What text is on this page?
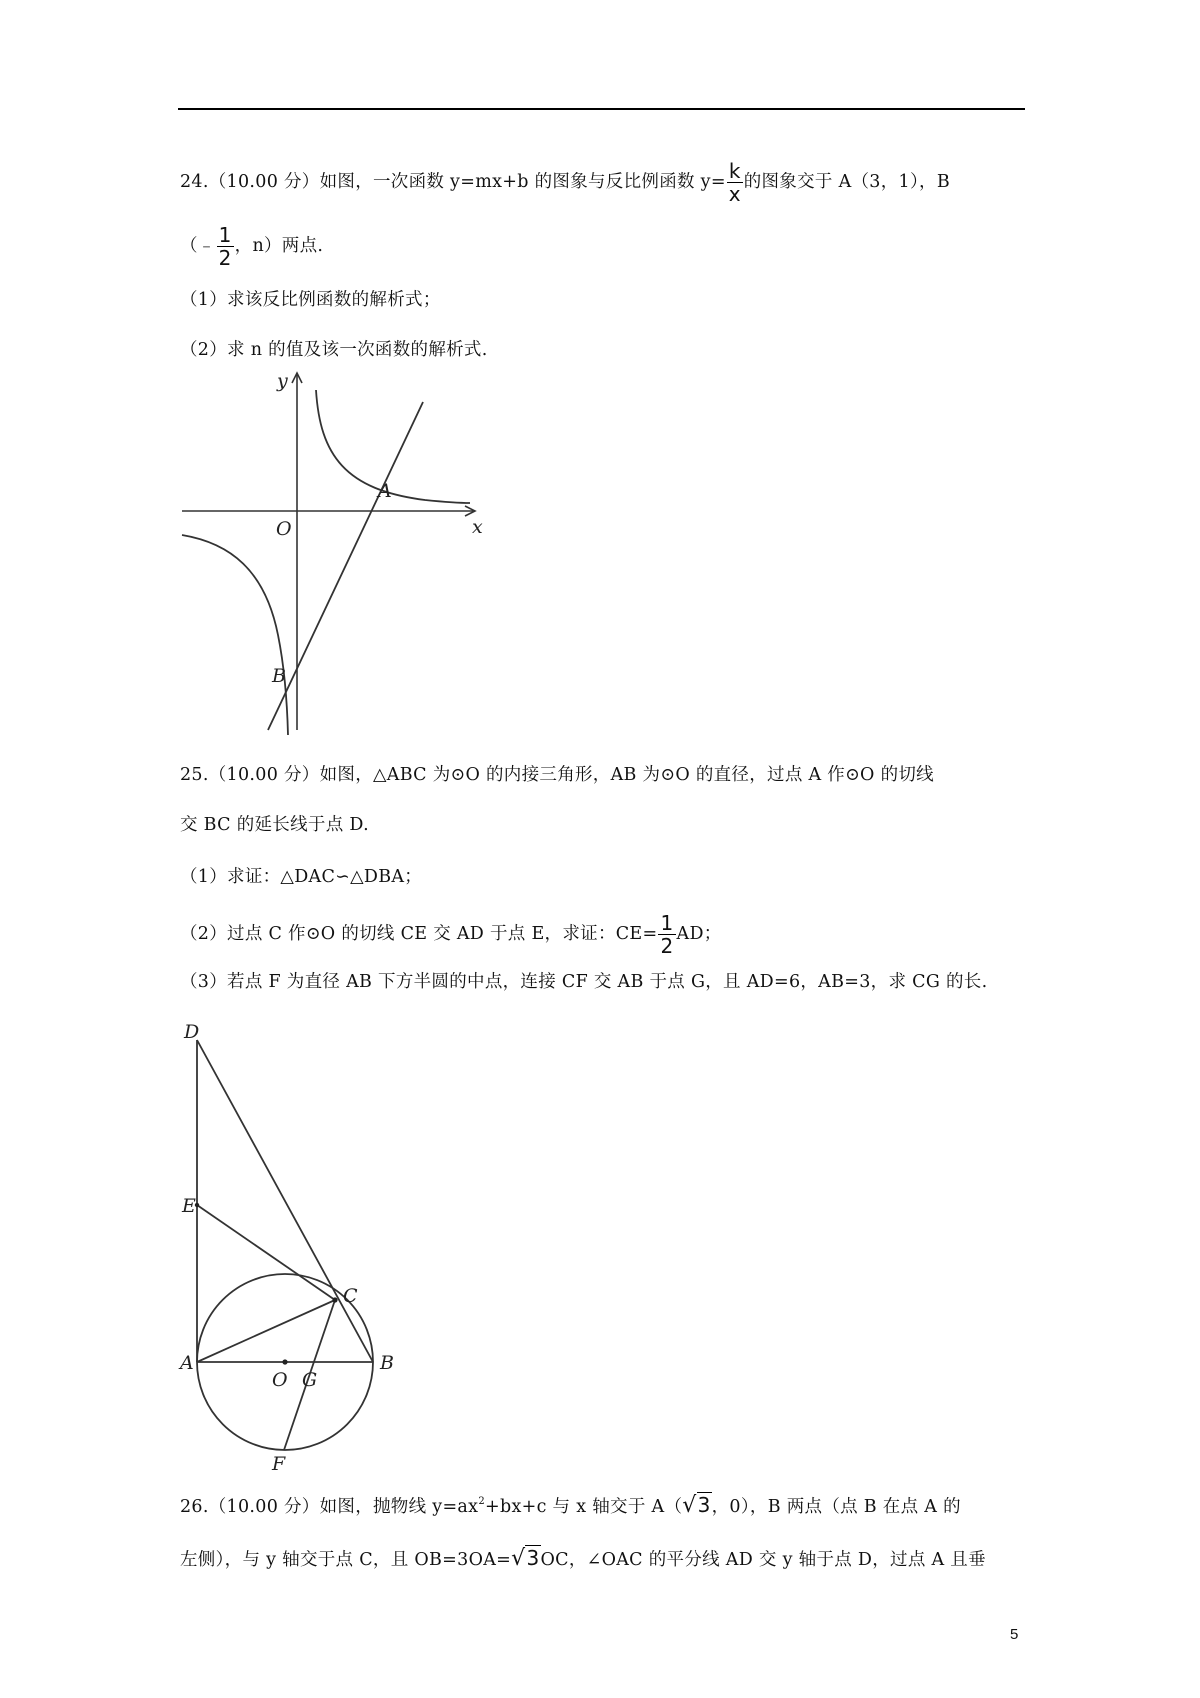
24.（10.00 分）如图，一次函数 y=mx+b 的图象与反比例函数 $y= \frac{k}{x}$ 的图象交于 A（3，1），B
（﹣ $\frac{1}{2}$ ，n）两点.
（1）求该反比例函数的解析式；
（2）求 n 的值及该一次函数的解析式.
y
x
O
A
B
25.（10.00 分）如图，△ABC 为⊙O 的内接三角形，AB 为⊙O 的直径，过点 A 作⊙O 的切线
交 BC 的延长线于点 D.
（1）求证：△DAC∽△DBA；
（2）过点 C 作⊙O 的切线 CE 交 AD 于点 E，求证：$CE= \frac{1}{2}$ AD；
（3）若点 F 为直径 AB 下方半圆的中点，连接 CF 交 AB 于点 G，且 AD=6，AB=3，求 CG 的长.
D
E
C
A
O G
B
F
26.（10.00 分）如图，抛物线 $y=ax^2+bx+c$ 与 x 轴交于 A（√3，0），B 两点（点 B 在点 A 的
左侧），与 y 轴交于点 C，且 OB=3OA=√3OC，∠OAC 的平分线 AD 交 y 轴于点 D，过点 A 且垂
5
